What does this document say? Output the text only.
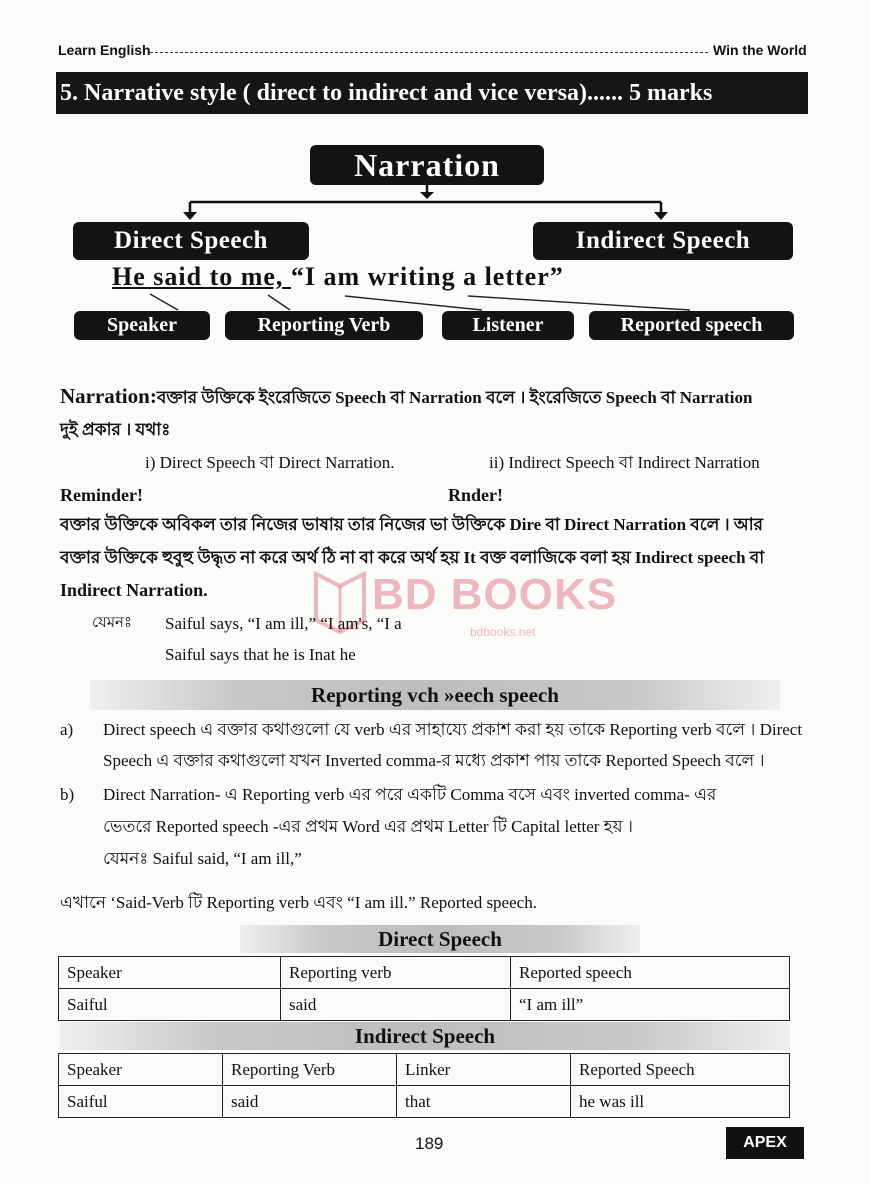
Learn English	Win the World
5. Narrative style ( direct to indirect and vice versa)...... 5 marks
Narration
Direct Speech	Indirect Speech
He said to me, “I am writing a letter”
Speaker	Reporting Verb	Listener	Reported speech
Narration:বক্তার উক্তিকে ইংরেজিতে Speech বা Narration বলে । ইংরেজিতে Speech বা Narration
দুই প্রকার । যথাঃ
i) Direct Speech বা Direct Narration.	ii) Indirect Speech বা Indirect Narration
Reminder!	Rnder!
বক্তার উক্তিকে অবিকল তার নিজের ভাষায় তার নিজের ভা উক্তিকে Dire বা Direct Narration বলে । আর
বক্তার উক্তিকে হুবুহু উদ্ধৃত না করে অর্থ ঠি না বা করে অর্থ হয় It বক্ত বলাজিকে বলা হয় Indirect speech বা
Indirect Narration.	BD BOOKS
bdbooks.net
যেমনঃ Saiful says, “I am ill,” “I am's, “I a
Saiful says that he is Inat he
Reporting vch »eech speech
a) Direct speech এ বক্তার কথাগুলো যে verb এর সাহায্যে প্রকাশ করা হয় তাকে Reporting verb বলে । Direct
Speech এ বক্তার কথাগুলো যখন Inverted comma-র মধ্যে প্রকাশ পায় তাকে Reported Speech বলে ।
b) Direct Narration- এ Reporting verb এর পরে একটি Comma বসে এবং inverted comma- এর
ভেতরে Reported speech -এর প্রথম Word এর প্রথম Letter টি Capital letter হয় ।
যেমনঃ Saiful said, “I am ill,”
এখানে ‘Said-Verb টি Reporting verb এবং “I am ill.” Reported speech.
Direct Speech
Speaker	Reporting verb	Reported speech
Saiful	said	“I am ill”
Indirect Speech
Speaker	Reporting Verb	Linker	Reported Speech
Saiful	said	that	he was ill
189	APEX
